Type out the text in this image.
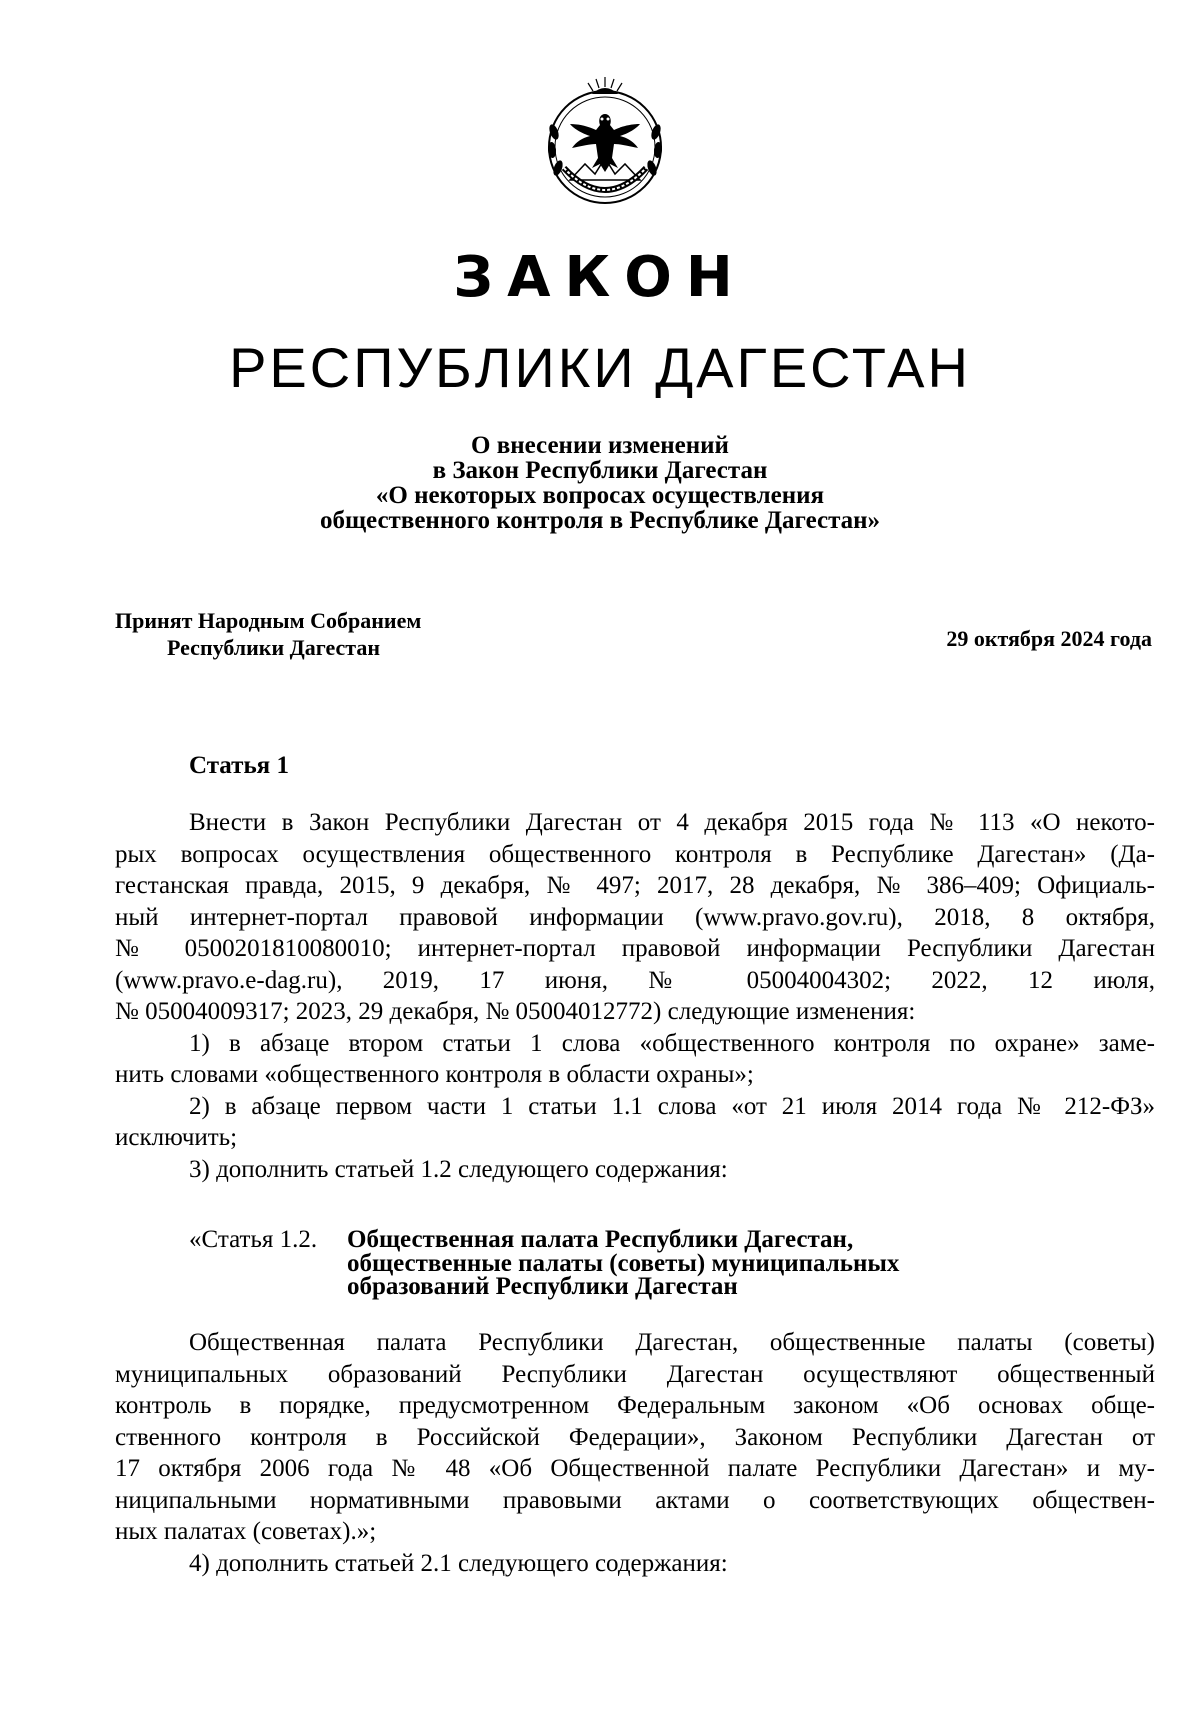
ЗАКОН
РЕСПУБЛИКИ ДАГЕСТАН
О внесении изменений
в Закон Республики Дагестан
«О некоторых вопросах осуществления
общественного контроля в Республике Дагестан»
Принят Народным Собранием
Республики Дагестан	29 октября 2024 года
Статья 1
Внести в Закон Республики Дагестан от 4 декабря 2015 года № 113 «О некото-
рых вопросах осуществления общественного контроля в Республике Дагестан» (Да-
гестанская правда, 2015, 9 декабря, № 497; 2017, 28 декабря, № 386–409; Официаль-
ный интернет-портал правовой информации (www.pravo.gov.ru), 2018, 8 октября,
№ 0500201810080010; интернет-портал правовой информации Республики Дагестан
(www.pravo.e-dag.ru), 2019, 17 июня, № 05004004302; 2022, 12 июля,
№ 05004009317; 2023, 29 декабря, № 05004012772) следующие изменения:
1) в абзаце втором статьи 1 слова «общественного контроля по охране» заме-
нить словами «общественного контроля в области охраны»;
2) в абзаце первом части 1 статьи 1.1 слова «от 21 июля 2014 года № 212-ФЗ»
исключить;
3) дополнить статьей 1.2 следующего содержания:
«Статья 1.2. Общественная палата Республики Дагестан,
общественные палаты (советы) муниципальных
образований Республики Дагестан
Общественная палата Республики Дагестан, общественные палаты (советы)
муниципальных образований Республики Дагестан осуществляют общественный
контроль в порядке, предусмотренном Федеральным законом «Об основах обще-
ственного контроля в Российской Федерации», Законом Республики Дагестан от
17 октября 2006 года № 48 «Об Общественной палате Республики Дагестан» и му-
ниципальными нормативными правовыми актами о соответствующих обществен-
ных палатах (советах).»;
4) дополнить статьей 2.1 следующего содержания:
